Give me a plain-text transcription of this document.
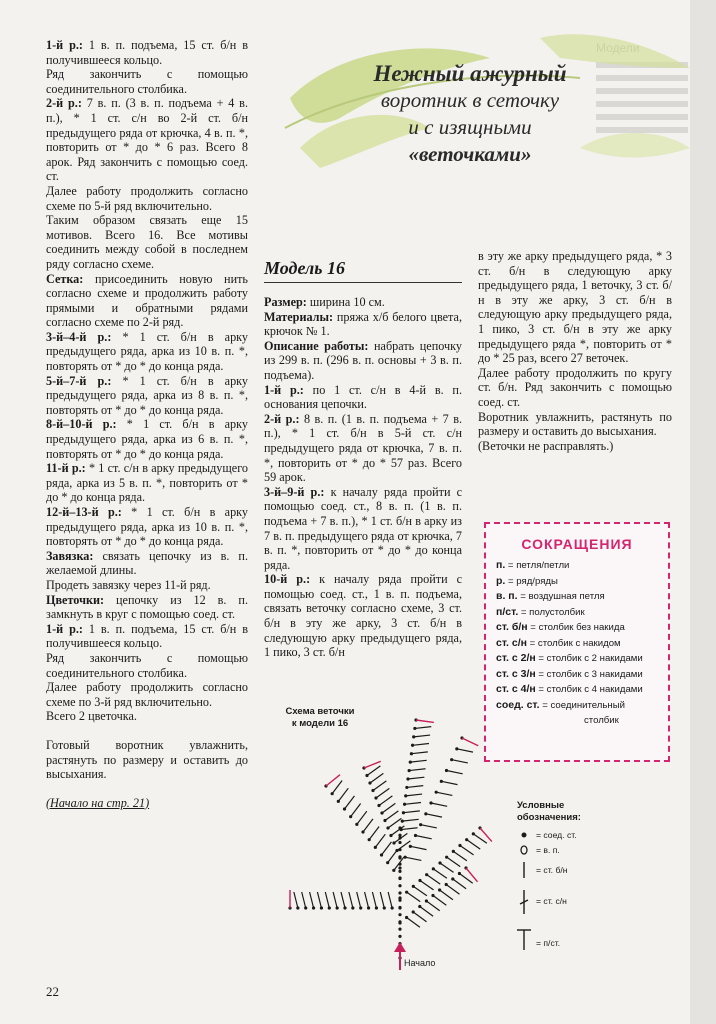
Нежный ажурный
воротник в сеточку
и с изящными
«веточками»

1-й р.: 1 в. п. подъема, 15 ст. б/н в получившееся кольцо.

Ряд закончить с помощью соединительного столбика.

2-й р.: 7 в. п. (3 в. п. подъема + 4 в. п.), * 1 ст. с/н во 2-й ст. б/н предыдущего ряда от крючка, 4 в. п. *, повторить от * до * 6 раз. Всего 8 арок. Ряд закончить с помощью соед. ст.

Далее работу продолжить согласно схеме по 5-й ряд включительно.

Таким образом связать еще 15 мотивов. Всего 16. Все мотивы соединить между собой в последнем ряду согласно схеме.

Сетка: присоединить новую нить согласно схеме и продолжить работу прямыми и обратными рядами согласно схеме по 2-й ряд.

3-й–4-й р.: * 1 ст. б/н в арку предыдущего ряда, арка из 10 в. п. *, повторять от * до * до конца ряда.

5-й–7-й р.: * 1 ст. б/н в арку предыдущего ряда, арка из 8 в. п. *, повторять от * до * до конца ряда.

8-й–10-й р.: * 1 ст. б/н в арку предыдущего ряда, арка из 6 в. п. *, повторять от * до * до конца ряда.

11-й р.: * 1 ст. с/н в арку предыдущего ряда, арка из 5 в. п. *, повторить от * до * до конца ряда.

12-й–13-й р.: * 1 ст. б/н в арку предыдущего ряда, арка из 10 в. п. *, повторять от * до * до конца ряда.

Завязка: связать цепочку из в. п. желаемой длины.

Продеть завязку через 11-й ряд.

Цветочки: цепочку из 12 в. п. замкнуть в круг с помощью соед. ст.

1-й р.: 1 в. п. подъема, 15 ст. б/н в получившееся кольцо.

Ряд закончить с помощью соединительного столбика.

Далее работу продолжить согласно схеме по 3-й ряд включительно.

Всего 2 цветочка.

Готовый воротник увлажнить, растянуть по размеру и оставить до высыхания.

(Начало на стр. 21)

22
Модель 16

Размер: ширина 10 см.

Материалы: пряжа х/б белого цвета, крючок № 1.

Описание работы: набрать цепочку из 299 в. п. (296 в. п. основы + 3 в. п. подъема).

1-й р.: по 1 ст. с/н в 4-й в. п. основания цепочки.

2-й р.: 8 в. п. (1 в. п. подъема + 7 в. п.), * 1 ст. б/н в 5-й ст. с/н предыдущего ряда от крючка, 7 в. п. *, повторить от * до * 57 раз. Всего 59 арок.

3-й–9-й р.: к началу ряда пройти с помощью соед. ст., 8 в. п. (1 в. п. подъема + 7 в. п.), * 1 ст. б/н в арку из 7 в. п. предыдущего ряда от крючка, 7 в. п. *, повторить от * до * до конца ряда.

10-й р.: к началу ряда пройти с помощью соед. ст., 1 в. п. подъема, связать веточку согласно схеме, 3 ст. б/н в эту же арку, 3 ст. б/н в следующую арку предыдущего ряда, 1 пико, 3 ст. б/н

в эту же арку предыдущего ряда, * 3 ст. б/н в следующую арку предыдущего ряда, 1 веточку, 3 ст. б/н в эту же арку, 3 ст. б/н в следующую арку предыдущего ряда, 1 пико, 3 ст. б/н в эту же арку предыдущего ряда *, повторить от * до * 25 раз, всего 27 веточек.

Далее работу продолжить по кругу ст. б/н. Ряд закончить с помощью соед. ст.

Воротник увлажнить, растянуть по размеру и оставить до высыхания.

(Веточки не расправлять.)

СОКРАЩЕНИЯ
п. = петля/петли
р. = ряд/ряды
в. п. = воздушная петля
п/ст. = полустолбик
ст. б/н = столбик без накида
ст. с/н = столбик с накидом
ст. с 2/н = столбик с 2 накидами
ст. с 3/н = столбик с 3 накидами
ст. с 4/н = столбик с 4 накидами
соед. ст. = соединительный
столбик
Схема веточки
к модели 16
Начало
Условные
обозначения:
= соед. ст.
= в. п.
= ст. б/н
= ст. с/н
= п/ст.
